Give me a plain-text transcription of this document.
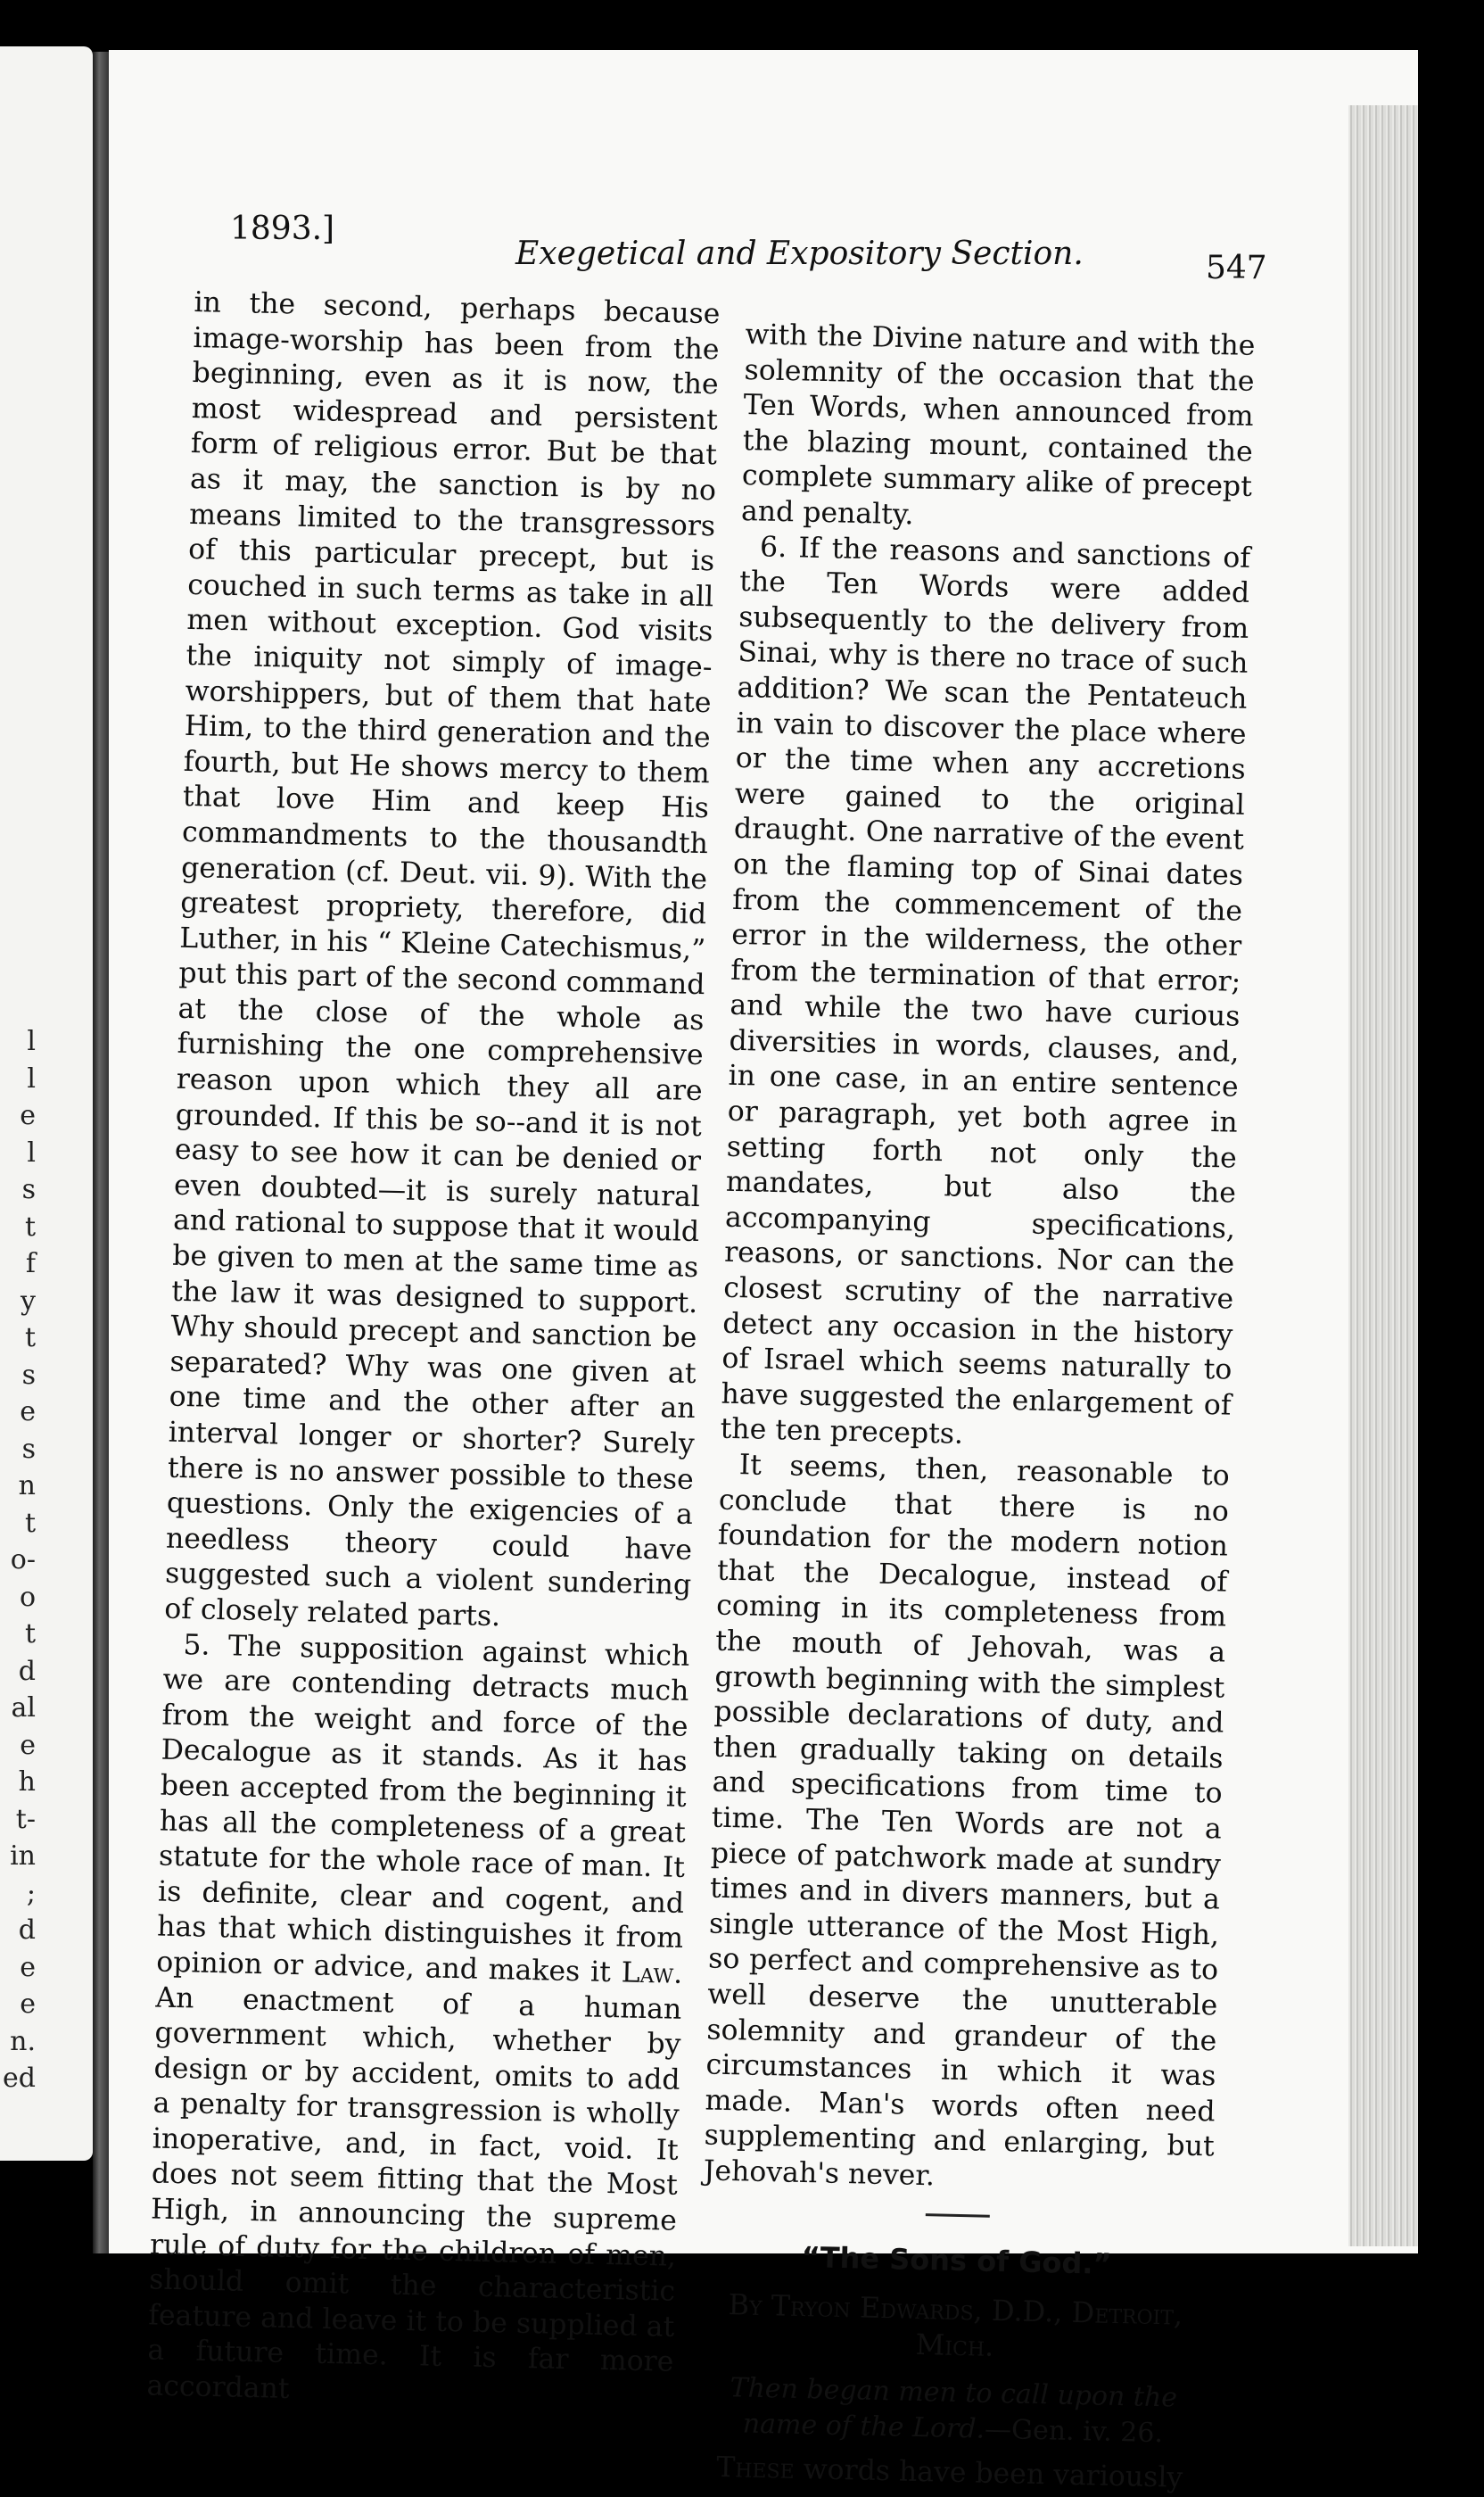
l
l
e
l
s
t
f
y
t
s
e
s
n
t
o-
o
t
d
al
e
h
t-
in
;
d
e
e
n.
ed
1893.]
Exegetical and Expository Section.	547

in the second, perhaps because image-worship has been from the beginning, even as it is now, the most widespread and persistent form of religious error. But be that as it may, the sanction is by no means limited to the transgressors of this particular precept, but is couched in such terms as take in all men without exception. God visits the iniquity not simply of image-worshippers, but of them that hate Him, to the third generation and the fourth, but He shows mercy to them that love Him and keep His commandments to the thousandth generation (cf. Deut. vii. 9). With the greatest propriety, therefore, did Luther, in his “ Kleine Catechismus,” put this part of the second command at the close of the whole as furnishing the one comprehensive reason upon which they all are grounded. If this be so--and it is not easy to see how it can be denied or even doubted—it is surely natural and rational to suppose that it would be given to men at the same time as the law it was designed to support. Why should precept and sanction be separated? Why was one given at one time and the other after an interval longer or shorter? Surely there is no answer possible to these questions. Only the exigencies of a needless theory could have suggested such a violent sundering of closely related parts.

5. The supposition against which we are contending detracts much from the weight and force of the Decalogue as it stands. As it has been accepted from the beginning it has all the completeness of a great statute for the whole race of man. It is definite, clear and cogent, and has that which distinguishes it from opinion or advice, and makes it Law. An enactment of a human government which, whether by design or by accident, omits to add a penalty for transgression is wholly inoperative, and, in fact, void. It does not seem fitting that the Most High, in announcing the supreme rule of duty for the children of men, should omit the characteristic feature and leave it to be supplied at a future time. It is far more accordant

with the Divine nature and with the solemnity of the occasion that the Ten Words, when announced from the blazing mount, contained the complete summary alike of precept and penalty.

6. If the reasons and sanctions of the Ten Words were added subsequently to the delivery from Sinai, why is there no trace of such addition? We scan the Pentateuch in vain to discover the place where or the time when any accretions were gained to the original draught. One narrative of the event on the flaming top of Sinai dates from the commencement of the error in the wilderness, the other from the termination of that error; and while the two have curious diversities in words, clauses, and, in one case, in an entire sentence or paragraph, yet both agree in setting forth not only the mandates, but also the accompanying specifications, reasons, or sanctions. Nor can the closest scrutiny of the narrative detect any occasion in the history of Israel which seems naturally to have suggested the enlargement of the ten precepts.

It seems, then, reasonable to conclude that there is no foundation for the modern notion that the Decalogue, instead of coming in its completeness from the mouth of Jehovah, was a growth beginning with the simplest possible declarations of duty, and then gradually taking on details and specifications from time to time. The Ten Words are not a piece of patchwork made at sundry times and in divers manners, but a single utterance of the Most High, so perfect and comprehensive as to well deserve the unutterable solemnity and grandeur of the circumstances in which it was made. Man's words often need supplementing and enlarging, but Jehovah's never.

“The Sons of God.”
By Tryon Edwards, D.D., Detroit,
Mich.
Then began men to call upon the name of the Lord.—Gen. iv. 26.

These words have been variously
